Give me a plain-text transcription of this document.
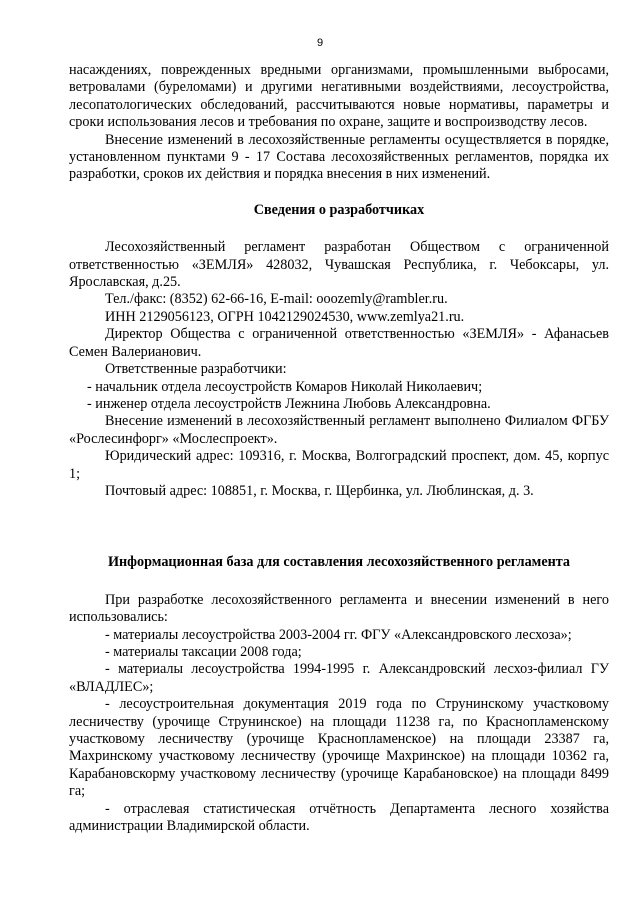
9

насаждениях, поврежденных вредными организмами, промышленными выбросами, ветровалами (буреломами) и другими негативными воздействиями, лесоустройства, лесопатологических обследований, рассчитываются новые нормативы, параметры и сроки использования лесов и требования по охране, защите и воспроизводству лесов.

Внесение изменений в лесохозяйственные регламенты осуществляется в порядке, установленном пунктами 9 - 17 Состава лесохозяйственных регламентов, порядка их разработки, сроков их действия и порядка внесения в них изменений.

Сведения о разработчиках

Лесохозяйственный регламент разработан Обществом с ограниченной ответственностью «ЗЕМЛЯ» 428032, Чувашская Республика, г. Чебоксары, ул. Ярославская, д.25.

Тел./факс: (8352) 62-66-16, E-mail: ooozemly@rambler.ru.

ИНН 2129056123, ОГРН 1042129024530, www.zemlya21.ru.

Директор Общества с ограниченной ответственностью «ЗЕМЛЯ» - Афанасьев Семен Валерианович.

Ответственные разработчики:

- начальник отдела лесоустройств Комаров Николай Николаевич;

- инженер отдела лесоустройств Лежнина Любовь Александровна.

Внесение изменений в лесохозяйственный регламент выполнено Филиалом ФГБУ «Рослесинфорг» «Мослеспроект».

Юридический адрес: 109316, г. Москва, Волгоградский проспект, дом. 45, корпус 1;

Почтовый адрес: 108851, г. Москва, г. Щербинка, ул. Люблинская, д. 3.

Информационная база для составления лесохозяйственного регламента

При разработке лесохозяйственного регламента и внесении изменений в него использовались:

- материалы лесоустройства 2003-2004 гг. ФГУ «Александровского лесхоза»;

- материалы таксации 2008 года;

- материалы лесоустройства 1994-1995 г. Александровский лесхоз-филиал ГУ «ВЛАДЛЕС»;

- лесоустроительная документация 2019 года по Струнинскому участковому лесничеству (урочище Струнинское) на площади 11238 га, по Краснопламенскому участковому лесничеству (урочище Краснопламенское) на площади 23387 га, Махринскому участковому лесничеству (урочище Махринское) на площади 10362 га, Карабановскорму участковому лесничеству (урочище Карабановское) на площади 8499 га;

- отраслевая статистическая отчётность Департамента лесного хозяйства администрации Владимирской области.
